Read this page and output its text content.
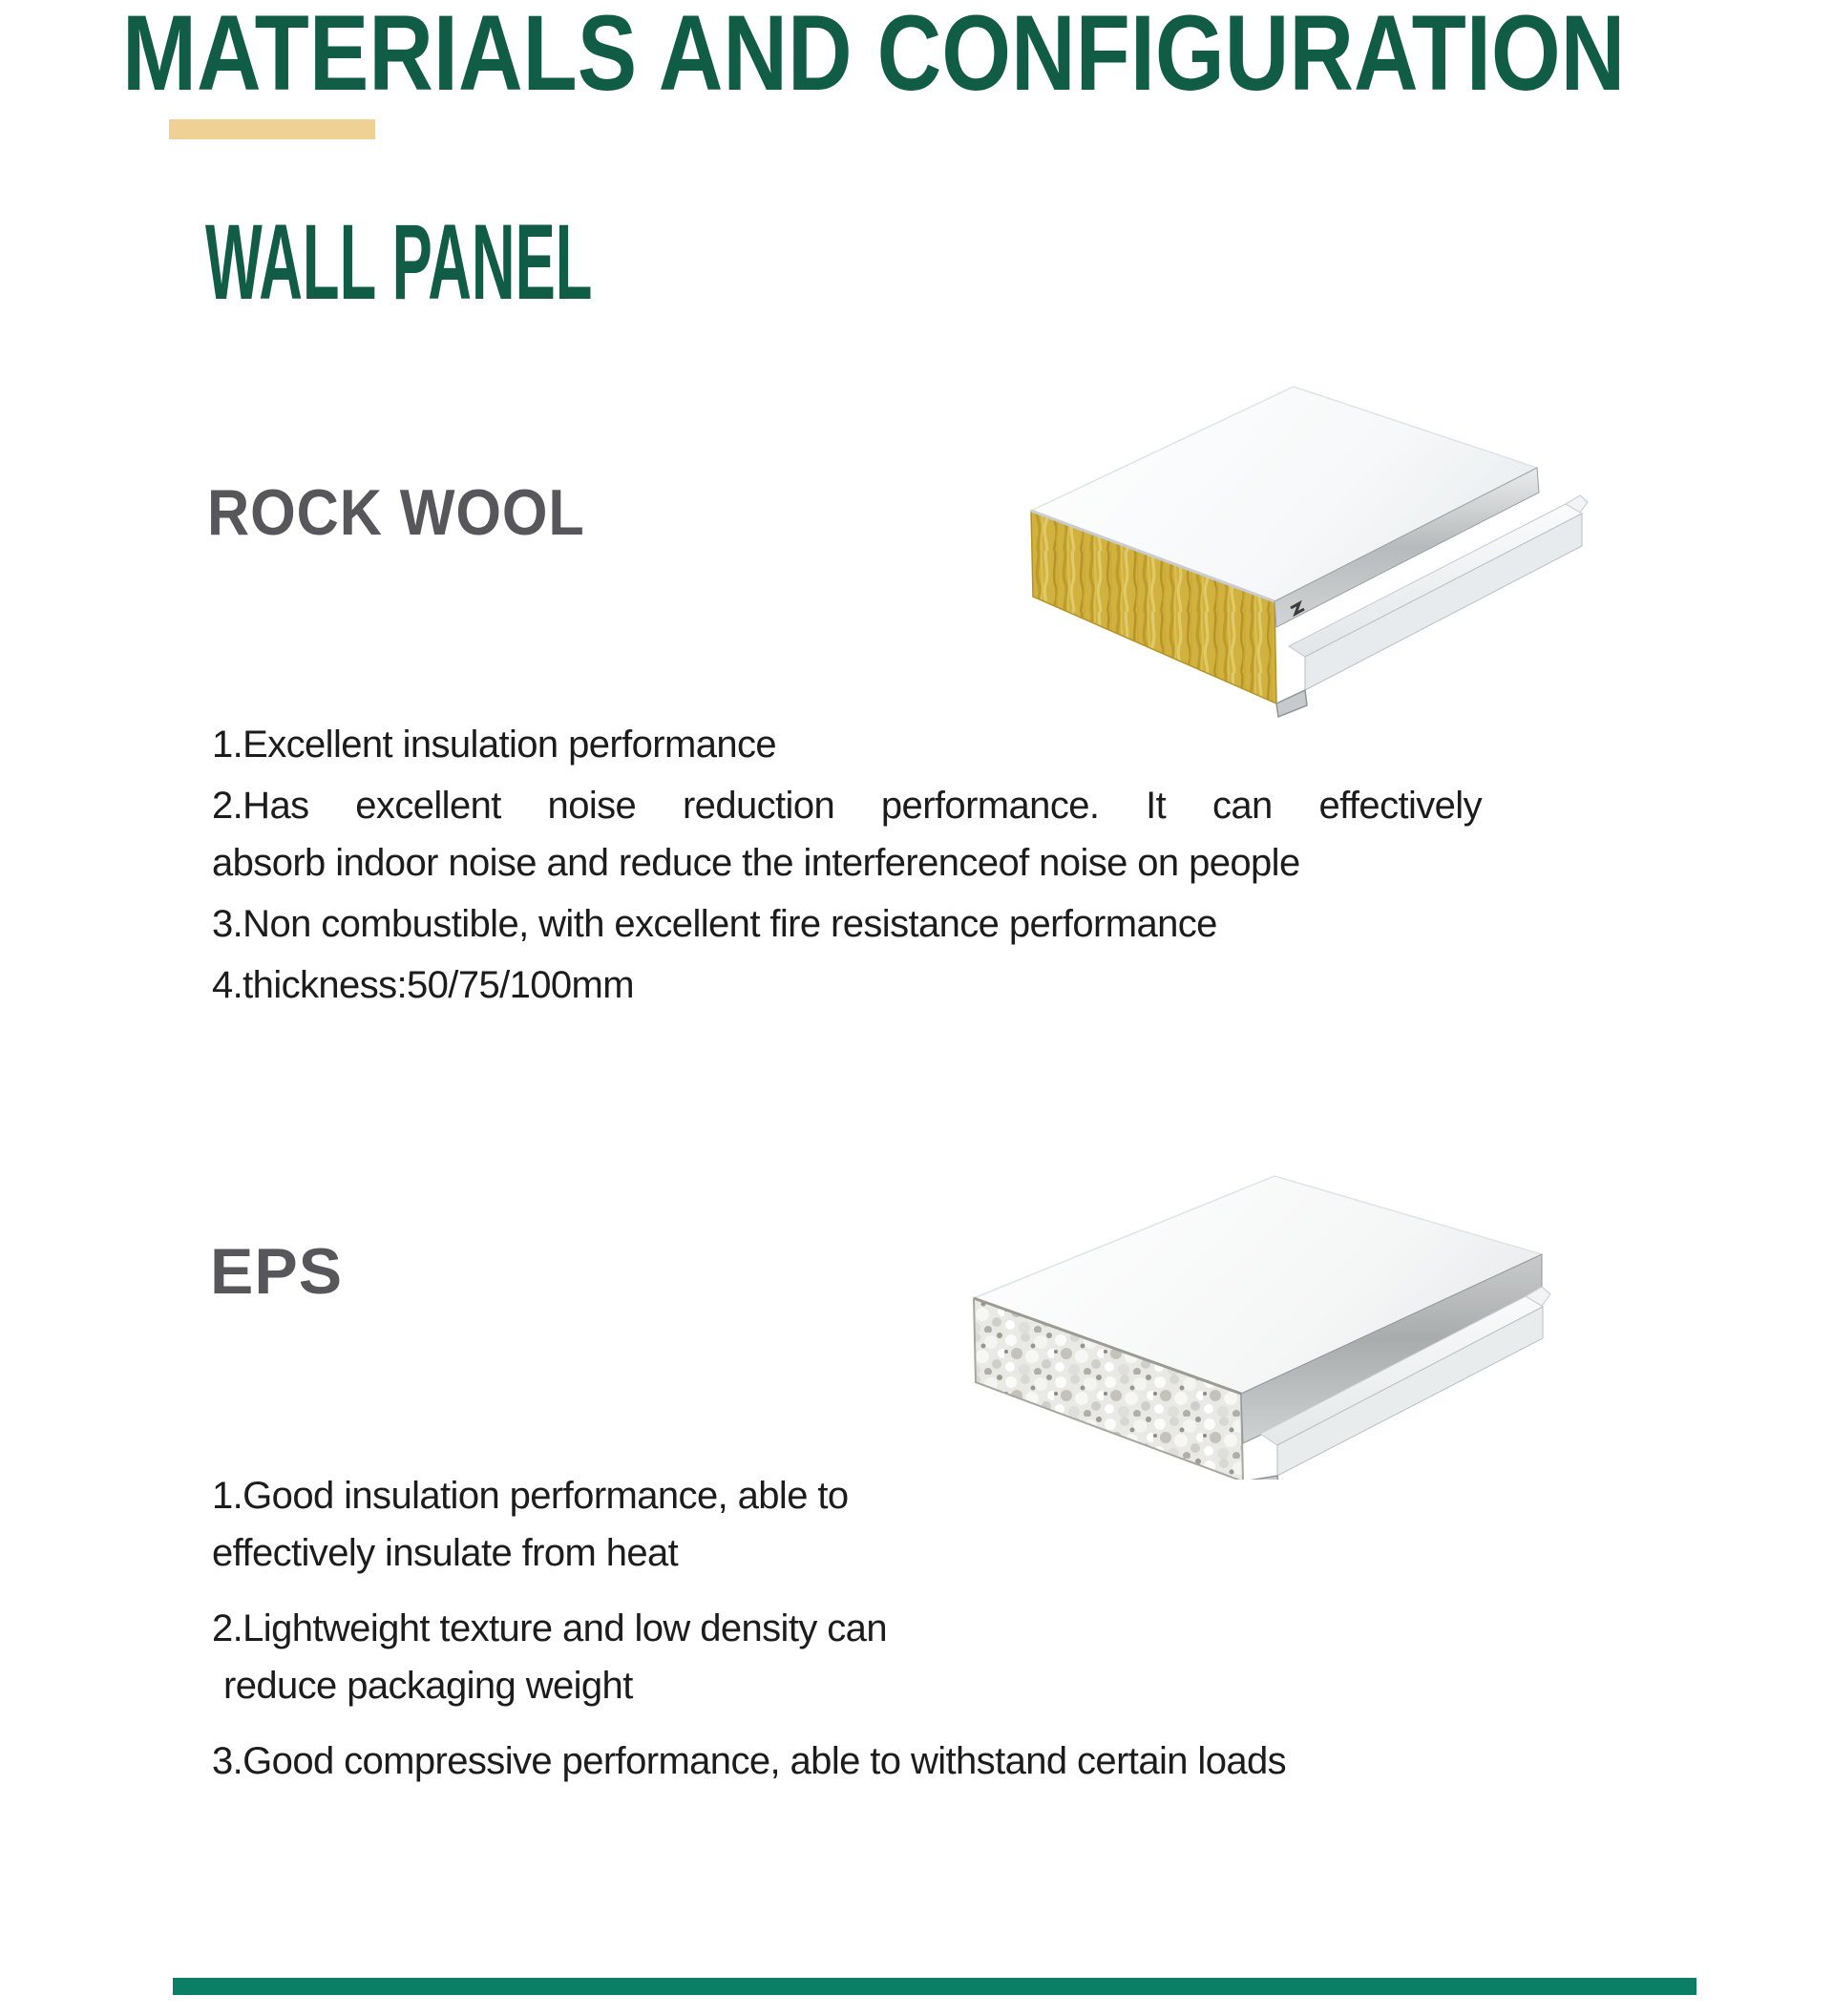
MATERIALS AND CONFIGURATION
WALL PANEL
ROCK WOOL
1.Excellent insulation performance
2.Has excellent noise reduction performance. It can effectively
absorb indoor noise and reduce the interferenceof noise on people
3.Non combustible, with excellent fire resistance performance
4.thickness:50/75/100mm
EPS
1.Good insulation performance, able to
effectively insulate from heat
2.Lightweight texture and low density can
reduce packaging weight
3.Good compressive performance, able to withstand certain loads
